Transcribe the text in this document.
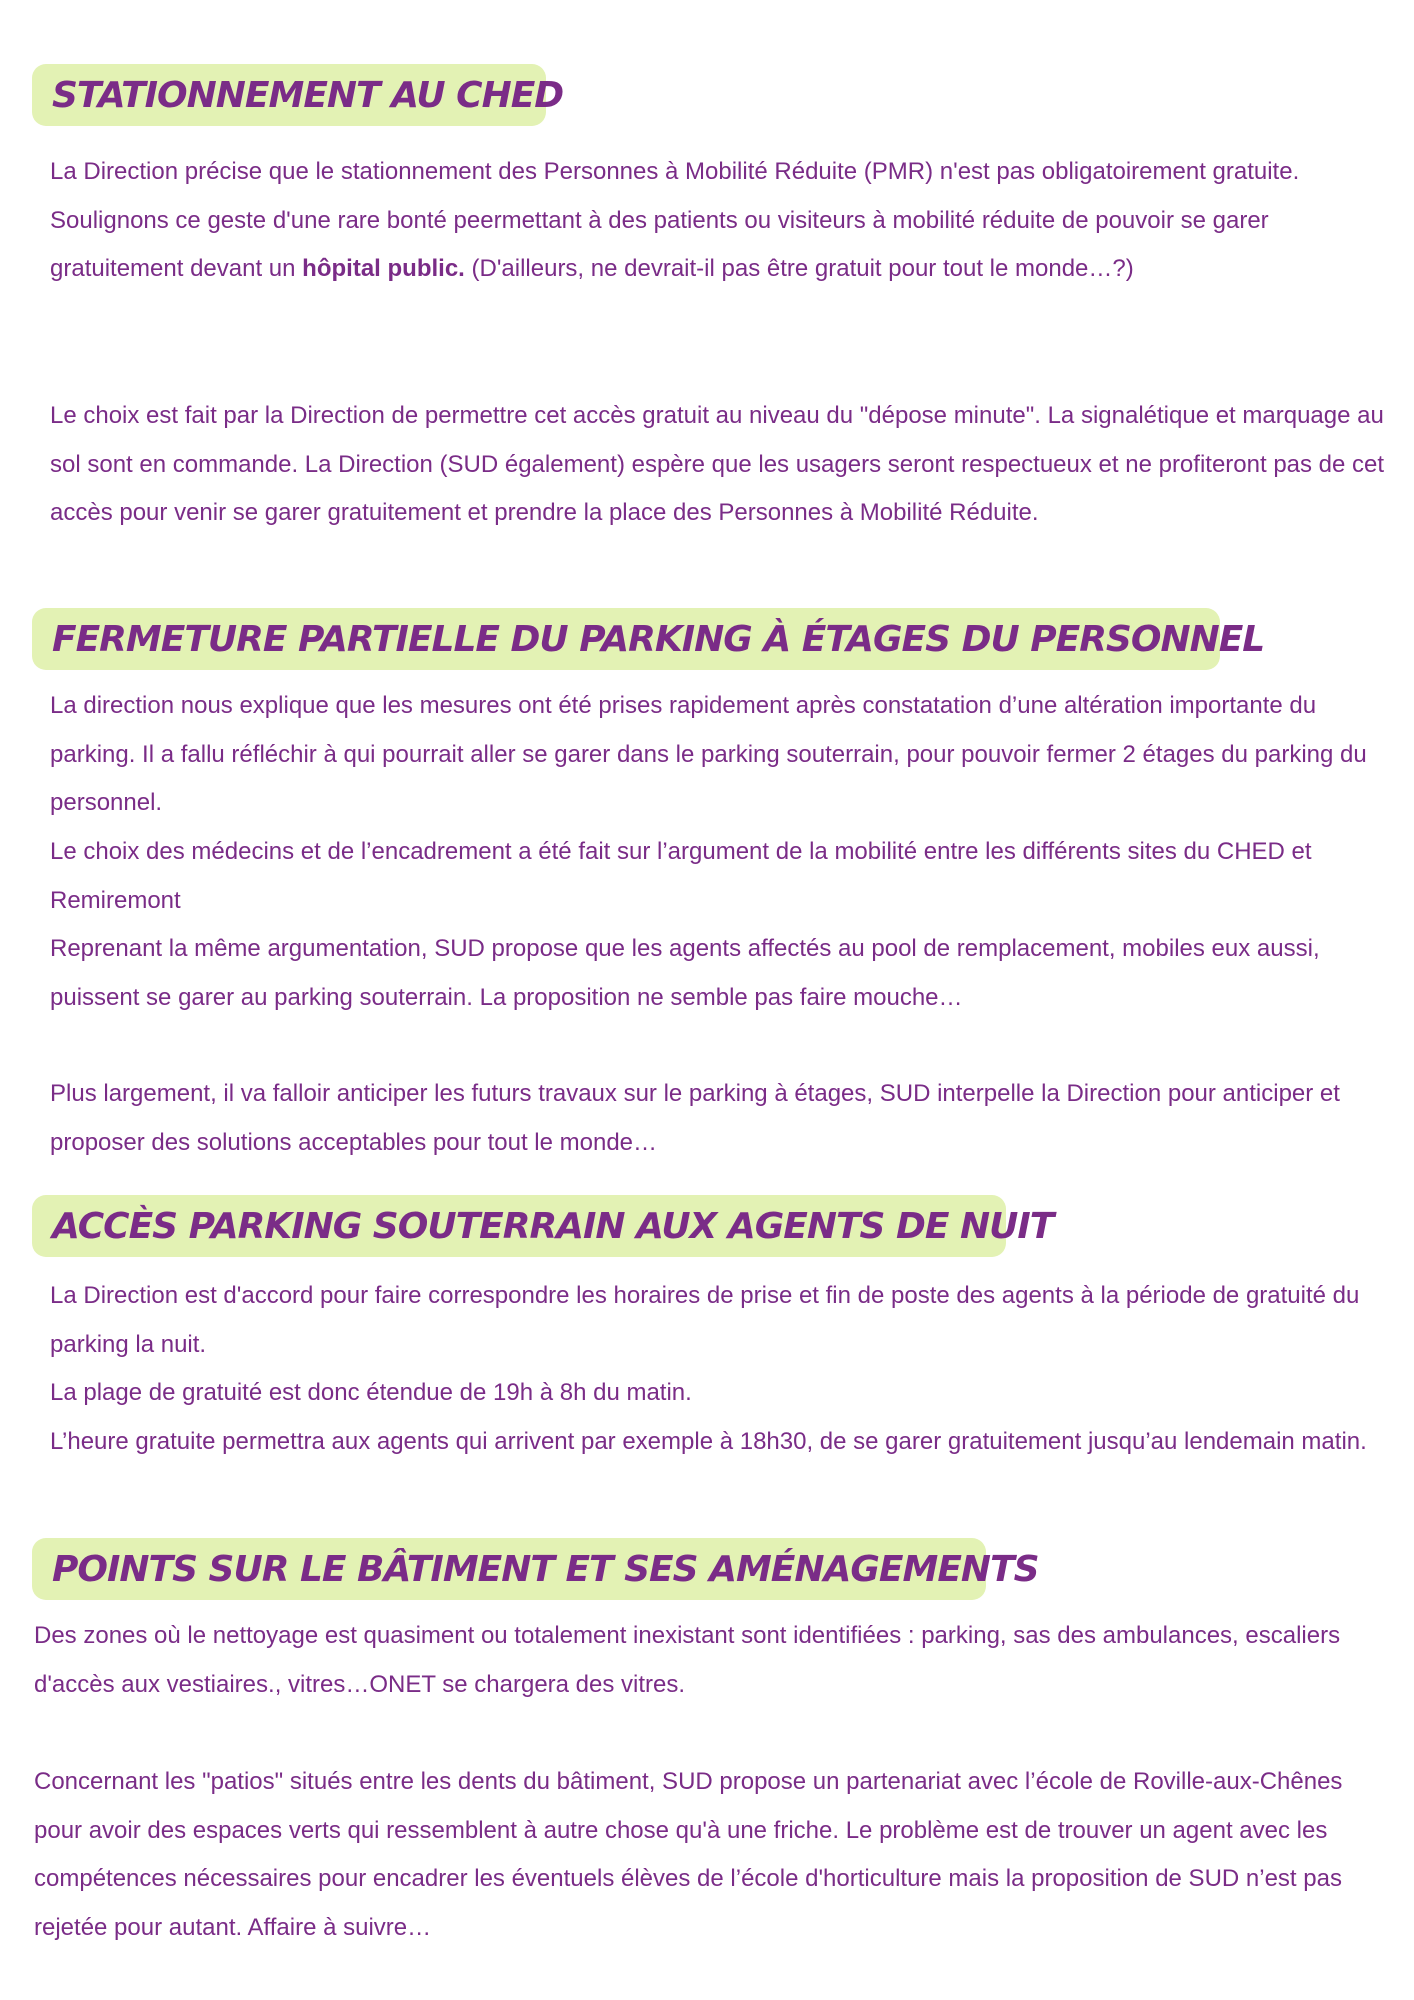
STATIONNEMENT AU CHED

La Direction précise que le stationnement des Personnes à Mobilité Réduite (PMR) n'est pas obligatoirement gratuite. Soulignons ce geste d'une rare bonté peermettant à des patients ou visiteurs à mobilité réduite de pouvoir se garer gratuitement devant un hôpital public. (D'ailleurs, ne devrait-il pas être gratuit pour tout le monde…?)

Le choix est fait par la Direction de permettre cet accès gratuit au niveau du "dépose minute". La signalétique et marquage au sol sont en commande. La Direction (SUD également) espère que les usagers seront respectueux et ne profiteront pas de cet accès pour venir se garer gratuitement et prendre la place des Personnes à Mobilité Réduite.

FERMETURE PARTIELLE DU PARKING À ÉTAGES DU PERSONNEL

La direction nous explique que les mesures ont été prises rapidement après constatation d’une altération importante du parking. Il a fallu réfléchir à qui pourrait aller se garer dans le parking souterrain, pour pouvoir fermer 2 étages du parking du personnel.

Le choix des médecins et de l’encadrement a été fait sur l’argument de la mobilité entre les différents sites du CHED et Remiremont

Reprenant la même argumentation, SUD propose que les agents affectés au pool de remplacement, mobiles eux aussi, puissent se garer au parking souterrain. La proposition ne semble pas faire mouche…

Plus largement, il va falloir anticiper les futurs travaux sur le parking à étages, SUD interpelle la Direction pour anticiper et proposer des solutions acceptables pour tout le monde…

ACCÈS PARKING SOUTERRAIN AUX AGENTS DE NUIT

La Direction est d'accord pour faire correspondre les horaires de prise et fin de poste des agents à la période de gratuité du parking la nuit.

La plage de gratuité est donc étendue de 19h à 8h du matin.

L’heure gratuite permettra aux agents qui arrivent par exemple à 18h30, de se garer gratuitement jusqu’au lendemain matin.

POINTS SUR LE BÂTIMENT ET SES AMÉNAGEMENTS

Des zones où le nettoyage est quasiment ou totalement inexistant sont identifiées : parking, sas des ambulances, escaliers d'accès aux vestiaires., vitres…ONET se chargera des vitres.

Concernant les "patios" situés entre les dents du bâtiment, SUD propose un partenariat avec l’école de Roville-aux-Chênes pour avoir des espaces verts qui ressemblent à autre chose qu'à une friche. Le problème est de trouver un agent avec les compétences nécessaires pour encadrer les éventuels élèves de l’école d'horticulture mais la proposition de SUD n’est pas rejetée pour autant. Affaire à suivre…
